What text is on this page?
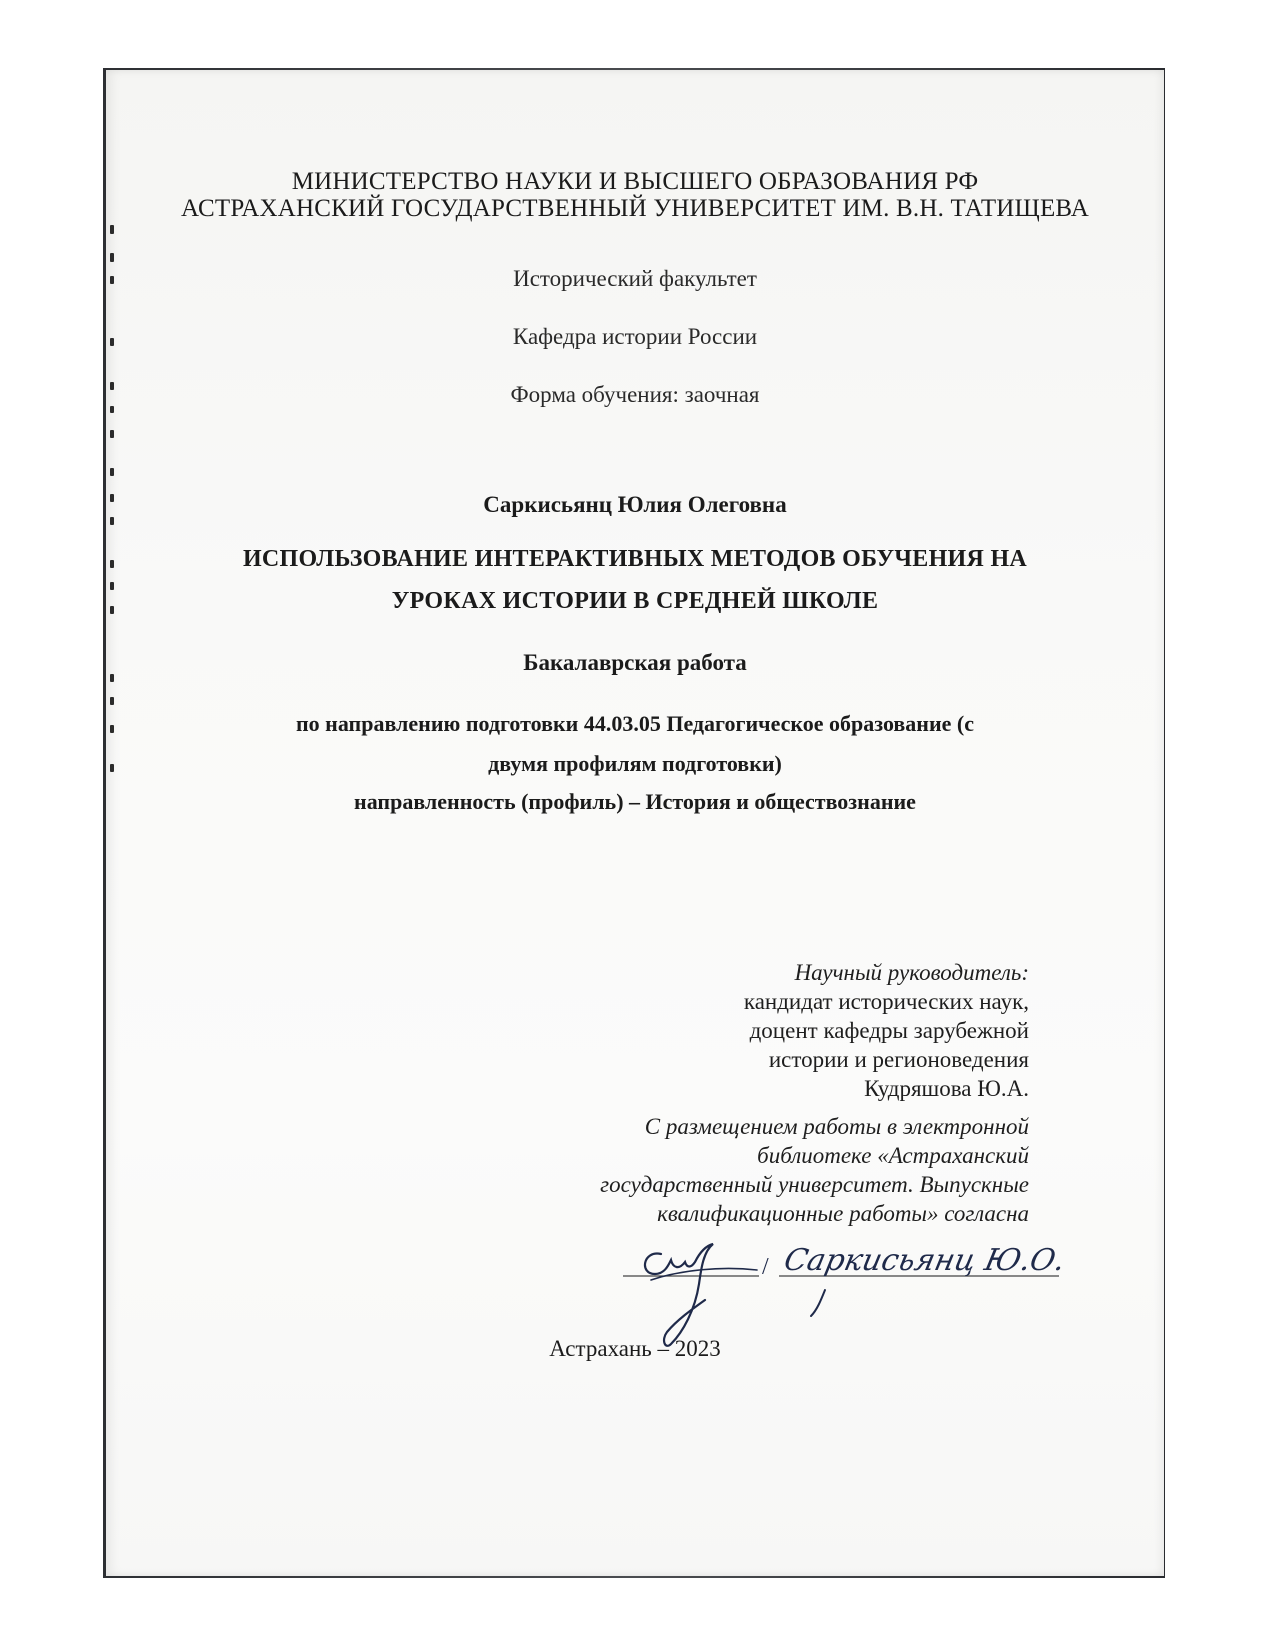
МИНИСТЕРСТВО НАУКИ И ВЫСШЕГО ОБРАЗОВАНИЯ РФ
АСТРАХАНСКИЙ ГОСУДАРСТВЕННЫЙ УНИВЕРСИТЕТ ИМ. В.Н. ТАТИЩЕВА
Исторический факультет
Кафедра истории России
Форма обучения: заочная
Саркисьянц Юлия Олеговна
ИСПОЛЬЗОВАНИЕ ИНТЕРАКТИВНЫХ МЕТОДОВ ОБУЧЕНИЯ НА
УРОКАХ ИСТОРИИ В СРЕДНЕЙ ШКОЛЕ
Бакалаврская работа
по направлению подготовки 44.03.05 Педагогическое образование (с
двумя профилям подготовки)
направленность (профиль) – История и обществознание
Научный руководитель:
кандидат исторических наук,
доцент кафедры зарубежной
истории и регионоведения
Кудряшова Ю.А.
С размещением работы в электронной
библиотеке «Астраханский
государственный университет. Выпускные
квалификационные работы» согласна
/ Саркисьянц Ю.О.
Астрахань – 2023
